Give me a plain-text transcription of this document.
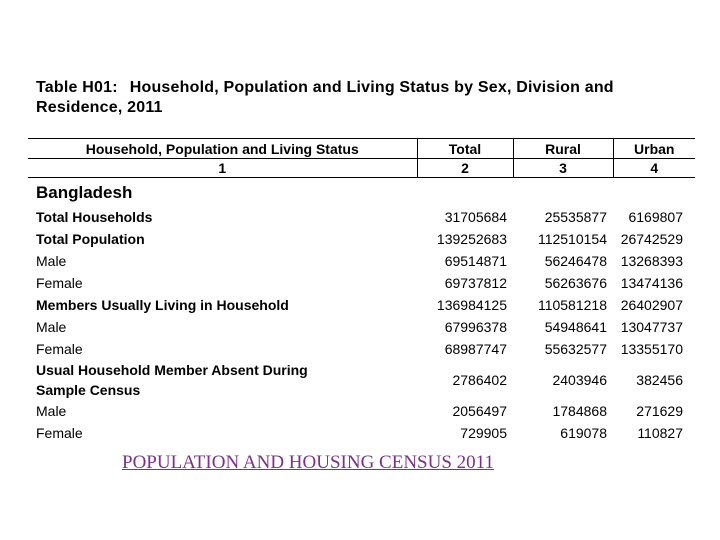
Table H01: Household, Population and Living Status by Sex, Division and Residence, 2011
Household, Population and Living Status	Total	Rural	Urban
1	2	3	4
Bangladesh			
Total Households	31705684	25535877	6169807
Total Population	139252683	112510154	26742529
Male	69514871	56246478	13268393
Female	69737812	56263676	13474136
Members Usually Living in Household	136984125	110581218	26402907
Male	67996378	54948641	13047737
Female	68987747	55632577	13355170
Usual Household Member Absent During
Sample Census	2786402	2403946	382456
Male	2056497	1784868	271629
Female	729905	619078	110827
POPULATION AND HOUSING CENSUS 2011
